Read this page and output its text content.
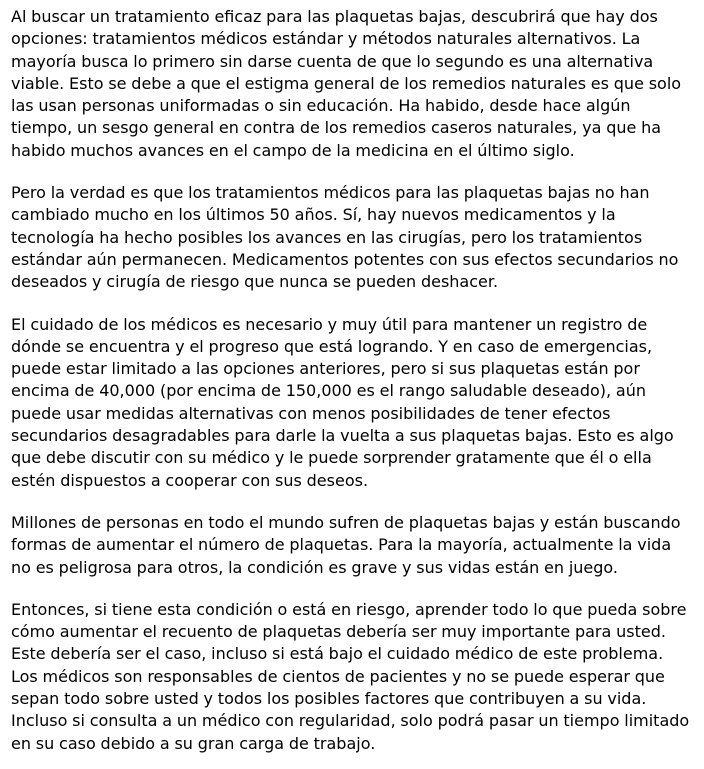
Al buscar un tratamiento eficaz para las plaquetas bajas, descubrirá que hay dos opciones: tratamientos médicos estándar y métodos naturales alternativos. La mayoría busca lo primero sin darse cuenta de que lo segundo es una alternativa viable. Esto se debe a que el estigma general de los remedios naturales es que solo las usan personas uniformadas o sin educación. Ha habido, desde hace algún tiempo, un sesgo general en contra de los remedios caseros naturales, ya que ha habido muchos avances en el campo de la medicina en el último siglo.

Pero la verdad es que los tratamientos médicos para las plaquetas bajas no han cambiado mucho en los últimos 50 años. Sí, hay nuevos medicamentos y la tecnología ha hecho posibles los avances en las cirugías, pero los tratamientos estándar aún permanecen. Medicamentos potentes con sus efectos secundarios no deseados y cirugía de riesgo que nunca se pueden deshacer.

El cuidado de los médicos es necesario y muy útil para mantener un registro de dónde se encuentra y el progreso que está logrando. Y en caso de emergencias, puede estar limitado a las opciones anteriores, pero si sus plaquetas están por encima de 40,000 (por encima de 150,000 es el rango saludable deseado), aún puede usar medidas alternativas con menos posibilidades de tener efectos secundarios desagradables para darle la vuelta a sus plaquetas bajas. Esto es algo que debe discutir con su médico y le puede sorprender gratamente que él o ella estén dispuestos a cooperar con sus deseos.

Millones de personas en todo el mundo sufren de plaquetas bajas y están buscando formas de aumentar el número de plaquetas. Para la mayoría, actualmente la vida no es peligrosa para otros, la condición es grave y sus vidas están en juego.

Entonces, si tiene esta condición o está en riesgo, aprender todo lo que pueda sobre cómo aumentar el recuento de plaquetas debería ser muy importante para usted. Este debería ser el caso, incluso si está bajo el cuidado médico de este problema. Los médicos son responsables de cientos de pacientes y no se puede esperar que sepan todo sobre usted y todos los posibles factores que contribuyen a su vida. Incluso si consulta a un médico con regularidad, solo podrá pasar un tiempo limitado en su caso debido a su gran carga de trabajo.
